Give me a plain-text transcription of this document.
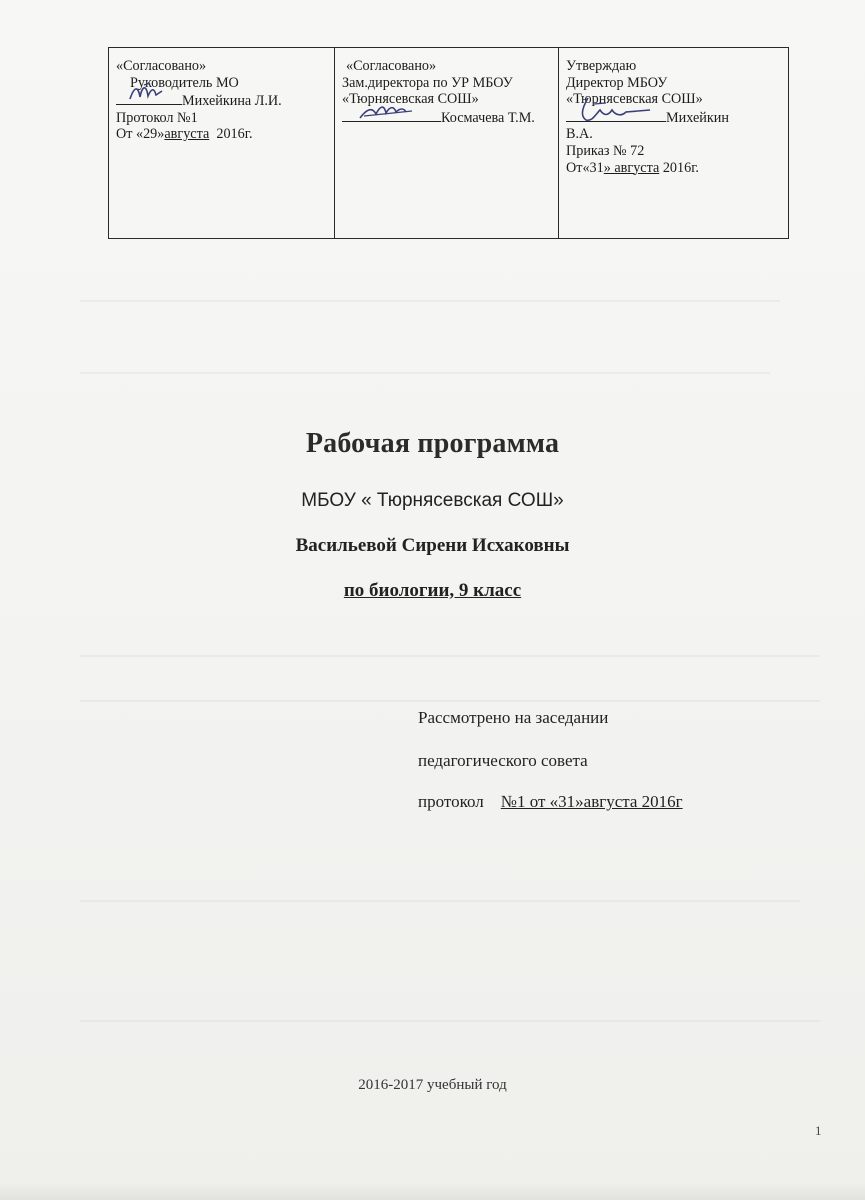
«Согласовано»
Руководитель МО
Михейкина Л.И.
Протокол №1
От «29»августа 2016г.

«Согласовано»
Зам.директора по УР МБОУ
«Тюрнясевская СОШ»
Космачева Т.М.

Утверждаю
Директор МБОУ
«Тюрнясевская СОШ»
Михейкин
В.А.
Приказ № 72
От«31» августа 2016г.
Рабочая программа
МБОУ « Тюрнясевская СОШ»
Васильевой Сирени Исхаковны
по биологии, 9 класс
Рассмотрено на заседании
педагогического совета
протокол    №1 от «31»августа 2016г
2016-2017 учебный год
1
